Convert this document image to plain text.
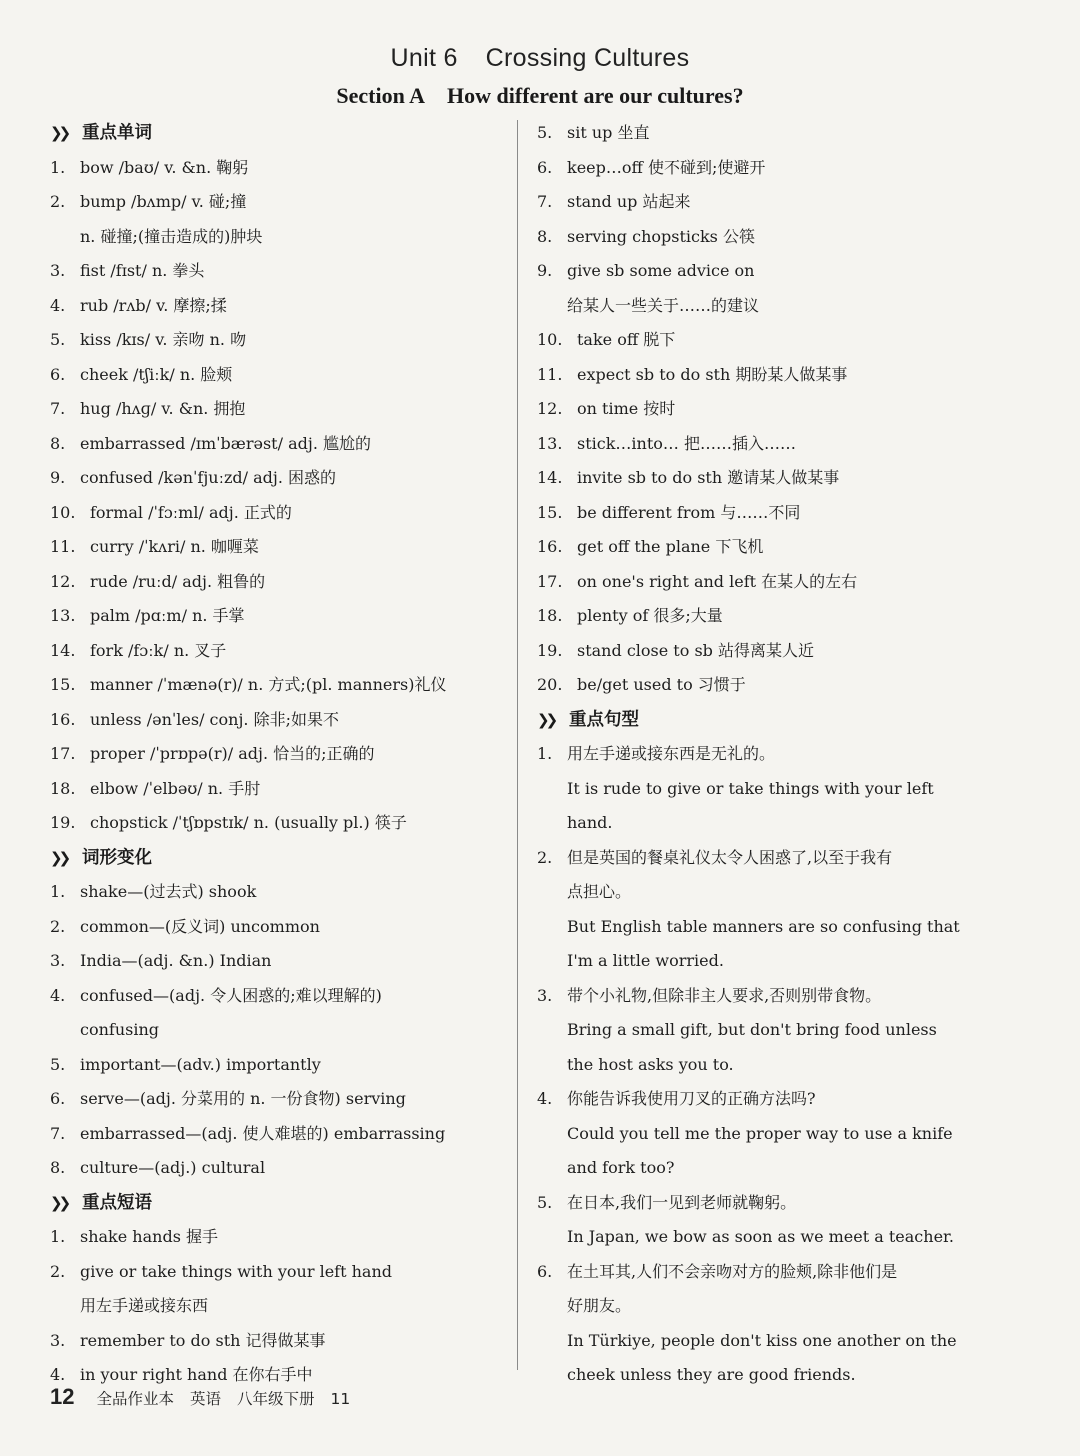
Unit 6 Crossing Cultures
Section A How different are our cultures?
❯❯ 重点单词
1. bow /baʊ/ v. &n. 鞠躬
2. bump /bʌmp/ v. 碰;撞
n. 碰撞;(撞击造成的)肿块
3. fist /fɪst/ n. 拳头
4. rub /rʌb/ v. 摩擦;揉
5. kiss /kɪs/ v. 亲吻 n. 吻
6. cheek /tʃiːk/ n. 脸颊
7. hug /hʌɡ/ v. &n. 拥抱
8. embarrassed /ɪmˈbærəst/ adj. 尴尬的
9. confused /kənˈfjuːzd/ adj. 困惑的
10. formal /ˈfɔːml/ adj. 正式的
11. curry /ˈkʌri/ n. 咖喱菜
12. rude /ruːd/ adj. 粗鲁的
13. palm /pɑːm/ n. 手掌
14. fork /fɔːk/ n. 叉子
15. manner /ˈmænə(r)/ n. 方式;(pl. manners)礼仪
16. unless /ənˈles/ conj. 除非;如果不
17. proper /ˈprɒpə(r)/ adj. 恰当的;正确的
18. elbow /ˈelbəʊ/ n. 手肘
19. chopstick /ˈtʃɒpstɪk/ n. (usually pl.) 筷子
❯❯ 词形变化
1. shake—(过去式) shook
2. common—(反义词) uncommon
3. India—(adj. &n.) Indian
4. confused—(adj. 令人困惑的;难以理解的)
confusing
5. important—(adv.) importantly
6. serve—(adj. 分菜用的 n. 一份食物) serving
7. embarrassed—(adj. 使人难堪的) embarrassing
8. culture—(adj.) cultural
❯❯ 重点短语
1. shake hands 握手
2. give or take things with your left hand
用左手递或接东西
3. remember to do sth 记得做某事
4. in your right hand 在你右手中
5. sit up 坐直
6. keep…off 使不碰到;使避开
7. stand up 站起来
8. serving chopsticks 公筷
9. give sb some advice on
给某人一些关于……的建议
10. take off 脱下
11. expect sb to do sth 期盼某人做某事
12. on time 按时
13. stick…into… 把……插入……
14. invite sb to do sth 邀请某人做某事
15. be different from 与……不同
16. get off the plane 下飞机
17. on one's right and left 在某人的左右
18. plenty of 很多;大量
19. stand close to sb 站得离某人近
20. be/get used to 习惯于
❯❯ 重点句型
1. 用左手递或接东西是无礼的。
It is rude to give or take things with your left
hand.
2. 但是英国的餐桌礼仪太令人困惑了,以至于我有
点担心。
But English table manners are so confusing that
I'm a little worried.
3. 带个小礼物,但除非主人要求,否则别带食物。
Bring a small gift, but don't bring food unless
the host asks you to.
4. 你能告诉我使用刀叉的正确方法吗?
Could you tell me the proper way to use a knife
and fork too?
5. 在日本,我们一见到老师就鞠躬。
In Japan, we bow as soon as we meet a teacher.
6. 在土耳其,人们不会亲吻对方的脸颊,除非他们是
好朋友。
In Türkiye, people don't kiss one another on the
cheek unless they are good friends.
12 全品作业本 英语 八年级下册 11
